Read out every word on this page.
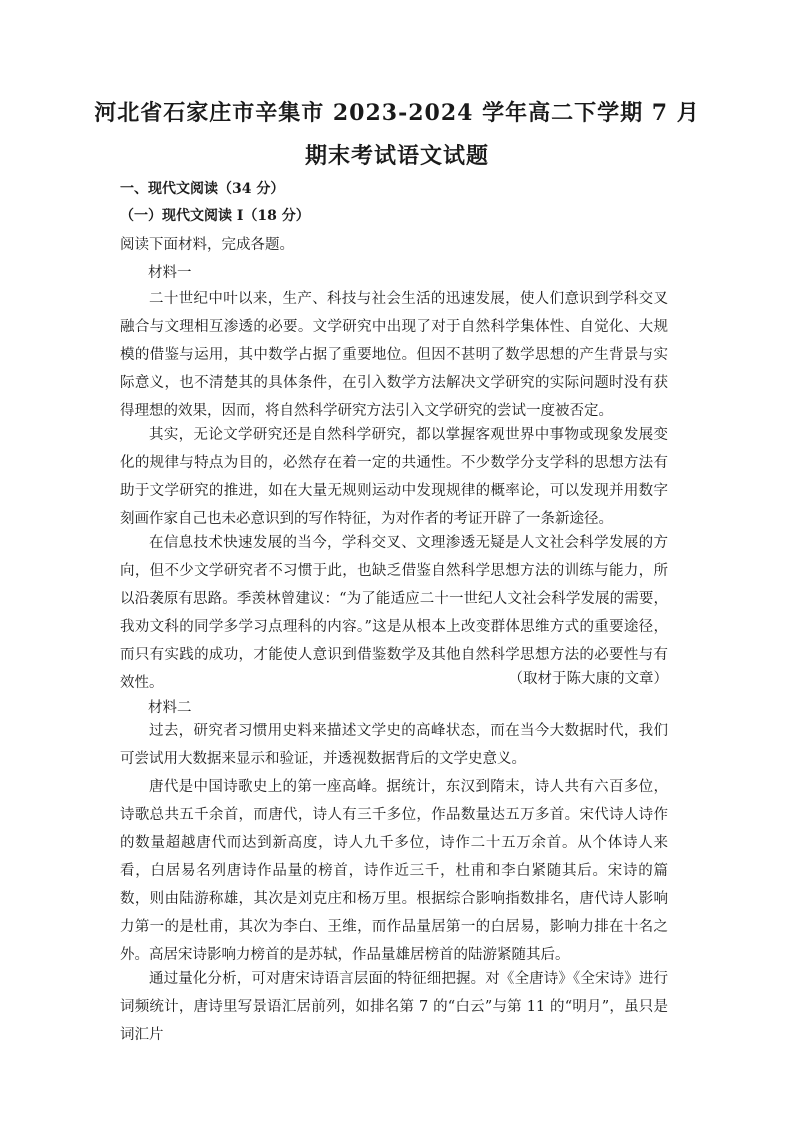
河北省石家庄市辛集市 2023-2024 学年高二下学期 7 月
期末考试语文试题
一、现代文阅读（34 分）
（一）现代文阅读 I（18 分）
阅读下面材料，完成各题。
材料一

二十世纪中叶以来，生产、科技与社会生活的迅速发展，使人们意识到学科交叉融合与文理相互渗透的必要。文学研究中出现了对于自然科学集体性、自觉化、大规模的借鉴与运用，其中数学占据了重要地位。但因不甚明了数学思想的产生背景与实际意义，也不清楚其的具体条件，在引入数学方法解决文学研究的实际问题时没有获得理想的效果，因而，将自然科学研究方法引入文学研究的尝试一度被否定。

其实，无论文学研究还是自然科学研究，都以掌握客观世界中事物或现象发展变化的规律与特点为目的，必然存在着一定的共通性。不少数学分支学科的思想方法有助于文学研究的推进，如在大量无规则运动中发现规律的概率论，可以发现并用数字刻画作家自己也未必意识到的写作特征，为对作者的考证开辟了一条新途径。

在信息技术快速发展的当今，学科交叉、文理渗透无疑是人文社会科学发展的方向，但不少文学研究者不习惯于此，也缺乏借鉴自然科学思想方法的训练与能力，所以沿袭原有思路。季羡林曾建议：“为了能适应二十一世纪人文社会科学发展的需要，我劝文科的同学多学习点理科的内容。”这是从根本上改变群体思维方式的重要途径，而只有实践的成功，才能使人意识到借鉴数学及其他自然科学思想方法的必要性与有效性。	（取材于陈大康的文章）
材料二

过去，研究者习惯用史料来描述文学史的高峰状态，而在当今大数据时代，我们可尝试用大数据来显示和验证，并透视数据背后的文学史意义。

唐代是中国诗歌史上的第一座高峰。据统计，东汉到隋末，诗人共有六百多位，诗歌总共五千余首，而唐代，诗人有三千多位，作品数量达五万多首。宋代诗人诗作的数量超越唐代而达到新高度，诗人九千多位，诗作二十五万余首。从个体诗人来看，白居易名列唐诗作品量的榜首，诗作近三千，杜甫和李白紧随其后。宋诗的篇数，则由陆游称雄，其次是刘克庄和杨万里。根据综合影响指数排名，唐代诗人影响力第一的是杜甫，其次为李白、王维，而作品量居第一的白居易，影响力排在十名之外。高居宋诗影响力榜首的是苏轼，作品量雄居榜首的陆游紧随其后。

通过量化分析，可对唐宋诗语言层面的特征细把握。对《全唐诗》《全宋诗》进行词频统计，唐诗里写景语汇居前列，如排名第 7 的“白云”与第 11 的“明月”，虽只是词汇片
